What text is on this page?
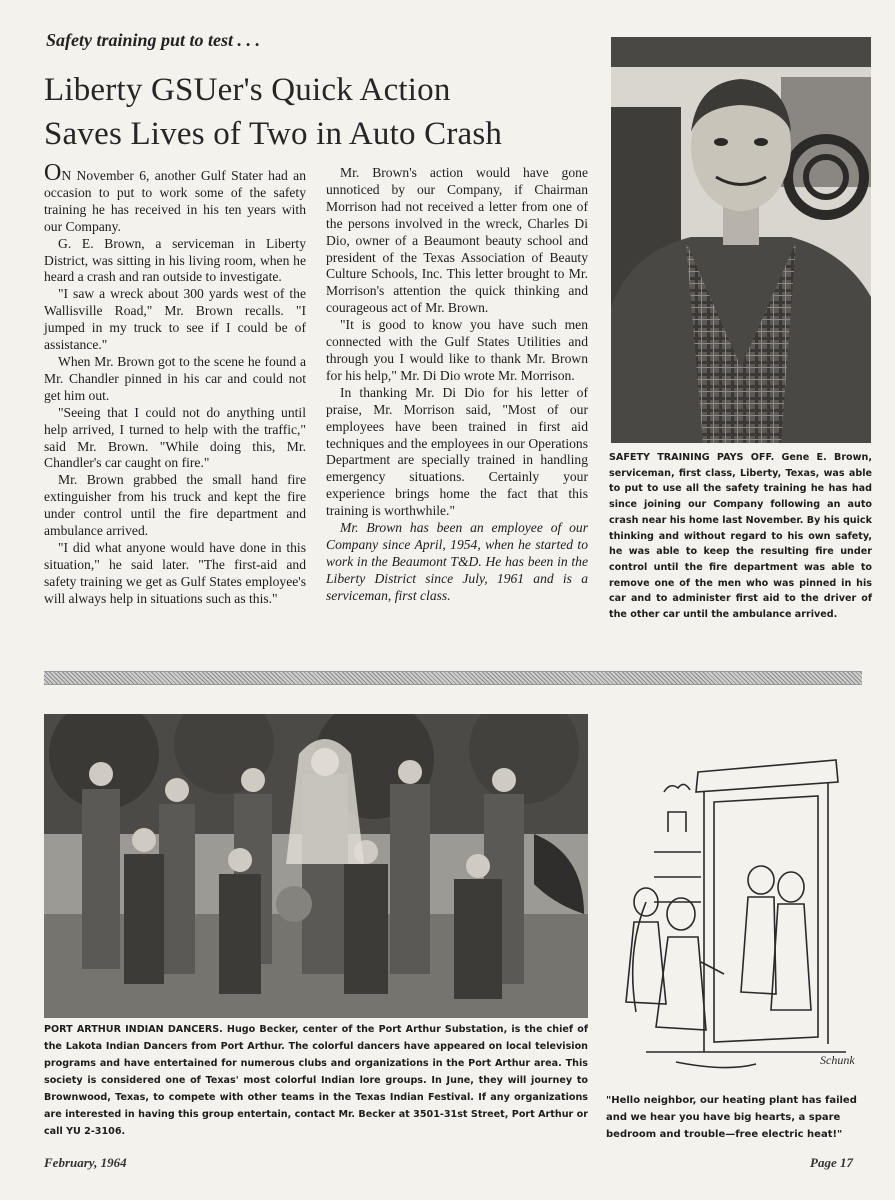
Safety training put to test . . .
Liberty GSUer's Quick Action
Saves Lives of Two in Auto Crash

ON November 6, another Gulf Stater had an occasion to put to work some of the safety training he has received in his ten years with our Company.

G. E. Brown, a serviceman in Liberty District, was sitting in his living room, when he heard a crash and ran outside to investigate.

"I saw a wreck about 300 yards west of the Wallisville Road," Mr. Brown recalls. "I jumped in my truck to see if I could be of assistance."

When Mr. Brown got to the scene he found a Mr. Chandler pinned in his car and could not get him out.

"Seeing that I could not do anything until help arrived, I turned to help with the traffic," said Mr. Brown. "While doing this, Mr. Chandler's car caught on fire."

Mr. Brown grabbed the small hand fire extinguisher from his truck and kept the fire under control until the fire department and ambulance arrived.

"I did what anyone would have done in this situation," he said later. "The first-aid and safety training we get as Gulf States employee's will always help in situations such as this."

Mr. Brown's action would have gone unnoticed by our Company, if Chairman Morrison had not received a letter from one of the persons involved in the wreck, Charles Di Dio, owner of a Beaumont beauty school and president of the Texas Association of Beauty Culture Schools, Inc. This letter brought to Mr. Morrison's attention the quick thinking and courageous act of Mr. Brown.

"It is good to know you have such men connected with the Gulf States Utilities and through you I would like to thank Mr. Brown for his help," Mr. Di Dio wrote Mr. Morrison.

In thanking Mr. Di Dio for his letter of praise, Mr. Morrison said, "Most of our employees have been trained in first aid techniques and the employees in our Operations Department are specially trained in handling emergency situations. Certainly your experience brings home the fact that this training is worthwhile."

Mr. Brown has been an employee of our Company since April, 1954, when he started to work in the Beaumont T&D. He has been in the Liberty District since July, 1961 and is a serviceman, first class.

SAFETY TRAINING PAYS OFF. Gene E. Brown, serviceman, first class, Liberty, Texas, was able to put to use all the safety training he has had since joining our Company following an auto crash near his home last November. By his quick thinking and without regard to his own safety, he was able to keep the resulting fire under control until the fire department was able to remove one of the men who was pinned in his car and to administer first aid to the driver of the other car until the ambulance arrived.

PORT ARTHUR INDIAN DANCERS. Hugo Becker, center of the Port Arthur Substation, is the chief of the Lakota Indian Dancers from Port Arthur. The colorful dancers have appeared on local television programs and have entertained for numerous clubs and organizations in the Port Arthur area. This society is considered one of Texas' most colorful Indian lore groups. In June, they will journey to Brownwood, Texas, to compete with other teams in the Texas Indian Festival. If any organizations are interested in having this group entertain, contact Mr. Becker at 3501-31st Street, Port Arthur or call YU 2-3106.

Schunk
"Hello neighbor, our heating plant has failed and we hear you have big hearts, a spare bedroom and trouble—free electric heat!"
February, 1964	Page 17
